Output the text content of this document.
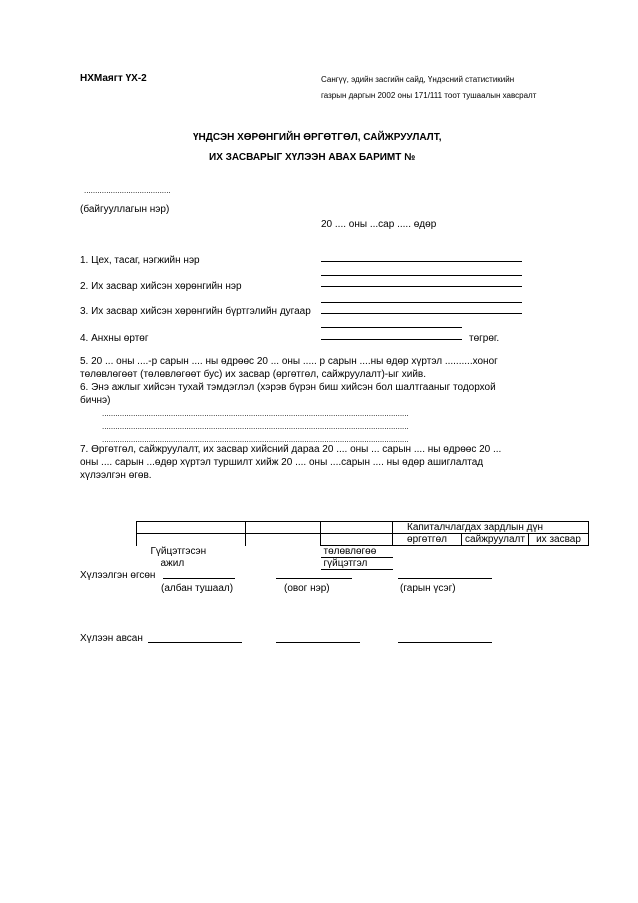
НХМаягт ҮХ-2	Сангүү, эдийн засгийн сайд, Үндэсний статистикийн
газрын даргын 2002 оны 171/111 тоот тушаалын хавсралт
ҮНДСЭН ХӨРӨНГИЙН ӨРГӨТГӨЛ, САЙЖРУУЛАЛТ,
ИХ ЗАСВАРЫГ ХҮЛЭЭН АВАХ БАРИМТ №
.......................................
(байгууллагын нэр)
20 .... оны ...сар ..... өдөр
1. Цех, тасаг, нэгжийн нэр
2. Их засвар хийсэн хөрөнгийн нэр
3. Их засвар хийсэн хөрөнгийн бүртгэлийн дугаар
4. Анхны өртөг	төгрөг.
5. 20 ... оны ....-р сарын .... ны өдрөөс 20 ... оны ..... р сарын ....ны өдөр хүртэл ..........хоног
төлөвлөгөөт (төлөвлөгөөт бус) их засвар (өргөтгөл, сайжруулалт)-ыг хийв.
6. Энэ ажлыг хийсэн тухай тэмдэглэл (хэрэв бүрэн биш хийсэн бол шалтгааныг тодорхой
бичнэ)
..........................................................................................................................................
..........................................................................................................................................
..........................................................................................................................................
7. Өргөтгөл, сайжруулалт, их засвар хийсний дараа 20 .... оны ... сарын .... ны өдрөөс 20 ...
оны .... сарын ...өдөр хүртэл туршилт хийж 20 .... оны ....сарын .... ны өдөр ашиглалтад
хүлээлгэн өгөв.
			Капиталчлагдах зардлын дүн		
			өргөтгөл	сайжруулалт	их засвар
Гүйцэтгэсэн		төлөвлөгөө			
ажил		гүйцэтгэл			
Хүлээлгэн өгсөн
(албан тушаал)	(овог нэр)	(гарын үсэг)
Хүлээн авсан
